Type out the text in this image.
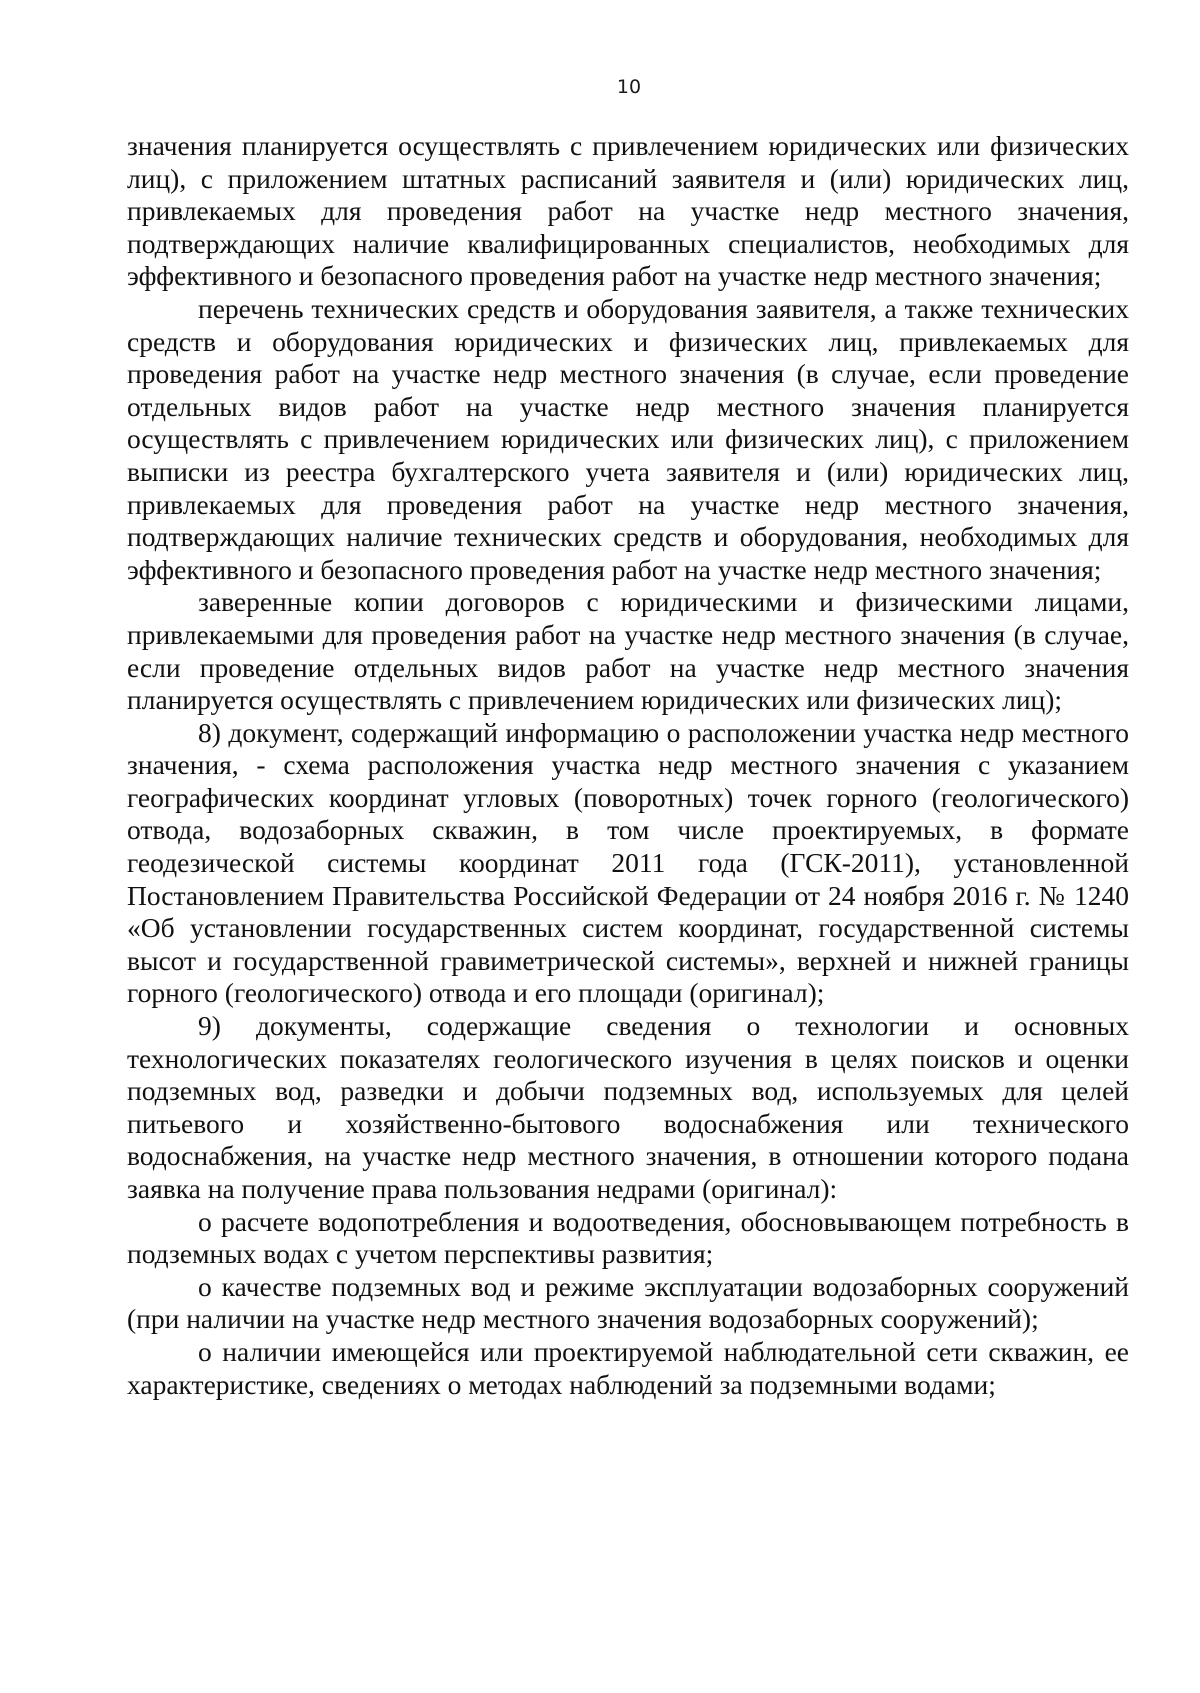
10

значения планируется осуществлять с привлечением юридических или физических лиц), с приложением штатных расписаний заявителя и (или) юридических лиц, привлекаемых для проведения работ на участке недр местного значения, подтверждающих наличие квалифицированных специалистов, необходимых для эффективного и безопасного проведения работ на участке недр местного значения;

перечень технических средств и оборудования заявителя, а также технических средств и оборудования юридических и физических лиц, привлекаемых для проведения работ на участке недр местного значения (в случае, если проведение отдельных видов работ на участке недр местного значения планируется осуществлять с привлечением юридических или физических лиц), с приложением выписки из реестра бухгалтерского учета заявителя и (или) юридических лиц, привлекаемых для проведения работ на участке недр местного значения, подтверждающих наличие технических средств и оборудования, необходимых для эффективного и безопасного проведения работ на участке недр местного значения;

заверенные копии договоров с юридическими и физическими лицами, привлекаемыми для проведения работ на участке недр местного значения (в случае, если проведение отдельных видов работ на участке недр местного значения планируется осуществлять с привлечением юридических или физических лиц);

8) документ, содержащий информацию о расположении участка недр местного значения, - схема расположения участка недр местного значения с указанием географических координат угловых (поворотных) точек горного (геологического) отвода, водозаборных скважин, в том числе проектируемых, в формате геодезической системы координат 2011 года (ГСК-2011), установленной Постановлением Правительства Российской Федерации от 24 ноября 2016 г. № 1240 «Об установлении государственных систем координат, государственной системы высот и государственной гравиметрической системы», верхней и нижней границы горного (геологического) отвода и его площади (оригинал);

9) документы, содержащие сведения о технологии и основных технологических показателях геологического изучения в целях поисков и оценки подземных вод, разведки и добычи подземных вод, используемых для целей питьевого и хозяйственно-бытового водоснабжения или технического водоснабжения, на участке недр местного значения, в отношении которого подана заявка на получение права пользования недрами (оригинал):

о расчете водопотребления и водоотведения, обосновывающем потребность в подземных водах с учетом перспективы развития;

о качестве подземных вод и режиме эксплуатации водозаборных сооружений (при наличии на участке недр местного значения водозаборных сооружений);

о наличии имеющейся или проектируемой наблюдательной сети скважин, ее характеристике, сведениях о методах наблюдений за подземными водами;
